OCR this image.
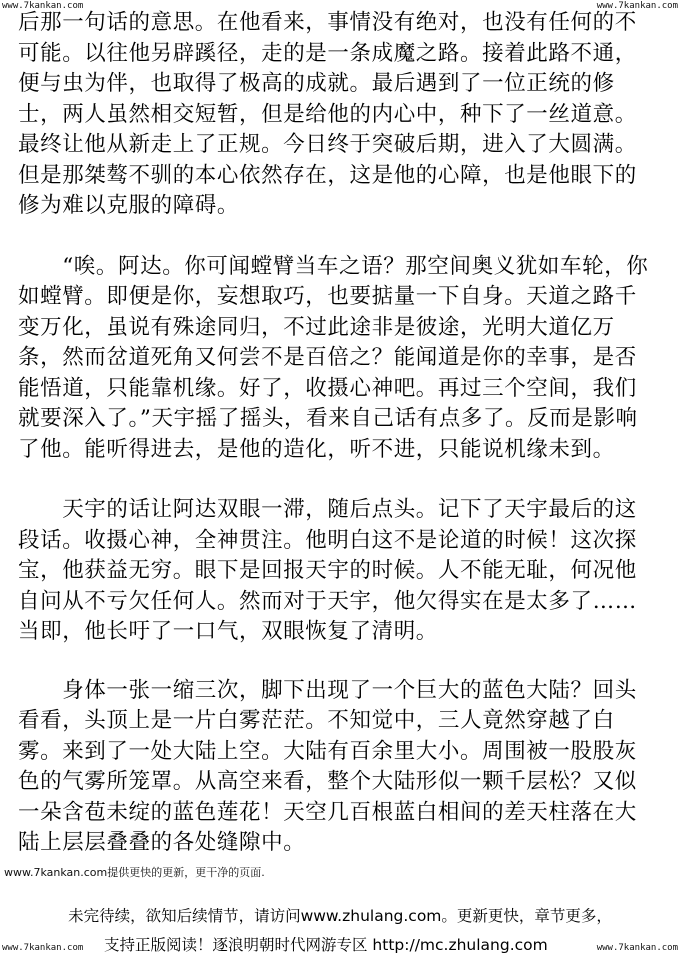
www.7kankan.com	www.7kankan.com

后那一句话的意思。在他看来，事情没有绝对，也没有任何的不可能。以往他另辟蹊径，走的是一条成魔之路。接着此路不通，便与虫为伴，也取得了极高的成就。最后遇到了一位正统的修士，两人虽然相交短暂，但是给他的内心中，种下了一丝道意。最终让他从新走上了正规。今日终于突破后期，进入了大圆满。但是那桀骜不驯的本心依然存在，这是他的心障，也是他眼下的修为难以克服的障碍。

　　“唉。阿达。你可闻螳臂当车之语？那空间奥义犹如车轮，你如螳臂。即便是你，妄想取巧，也要掂量一下自身。天道之路千变万化，虽说有殊途同归，不过此途非是彼途，光明大道亿万条，然而岔道死角又何尝不是百倍之？能闻道是你的幸事，是否能悟道，只能靠机缘。好了，收摄心神吧。再过三个空间，我们就要深入了。”天宇摇了摇头，看来自己话有点多了。反而是影响了他。能听得进去，是他的造化，听不进，只能说机缘未到。

　　天宇的话让阿达双眼一滞，随后点头。记下了天宇最后的这段话。收摄心神，全神贯注。他明白这不是论道的时候！这次探宝，他获益无穷。眼下是回报天宇的时候。人不能无耻，何况他自问从不亏欠任何人。然而对于天宇，他欠得实在是太多了……当即，他长吁了一口气，双眼恢复了清明。

　　身体一张一缩三次，脚下出现了一个巨大的蓝色大陆？回头看看，头顶上是一片白雾茫茫。不知觉中，三人竟然穿越了白雾。来到了一处大陆上空。大陆有百余里大小。周围被一股股灰色的气雾所笼罩。从高空来看，整个大陆形似一颗千层松？又似一朵含苞未绽的蓝色莲花！天空几百根蓝白相间的差天柱落在大陆上层层叠叠的各处缝隙中。

www.7kankan.com提供更快的更新，更干净的页面.
未完待续，欲知后续情节，请访问www.zhulang.com。更新更快，章节更多，
支持正版阅读！逐浪明朝时代网游专区 http://mc.zhulang.com
www.7kankan.com	www.7kankan.com
